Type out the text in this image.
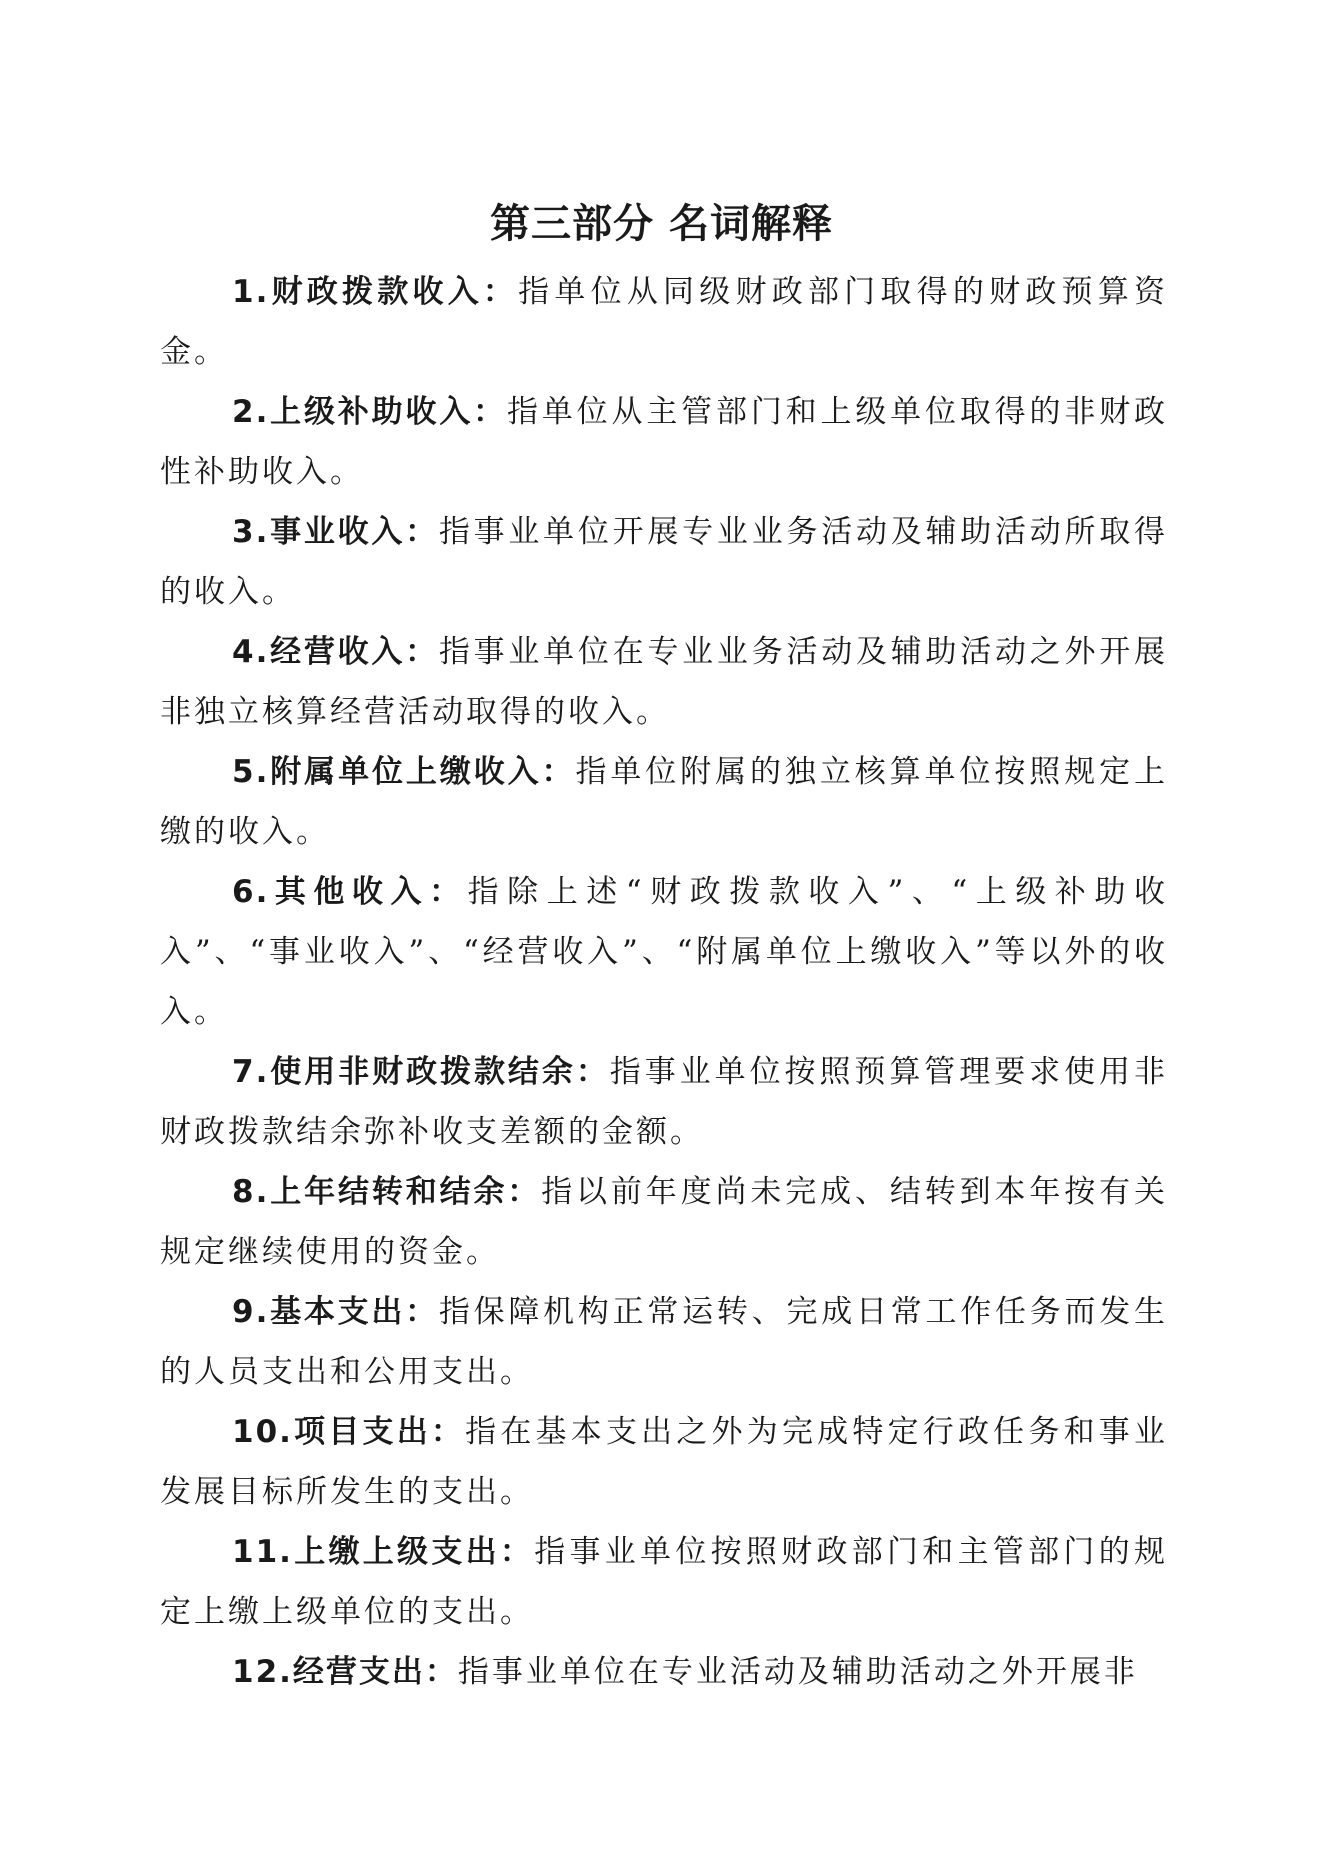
第三部分 名词解释

1.财政拨款收入：指单位从同级财政部门取得的财政预算资金。

2.上级补助收入：指单位从主管部门和上级单位取得的非财政性补助收入。

3.事业收入：指事业单位开展专业业务活动及辅助活动所取得的收入。

4.经营收入：指事业单位在专业业务活动及辅助活动之外开展非独立核算经营活动取得的收入。

5.附属单位上缴收入：指单位附属的独立核算单位按照规定上缴的收入。

6.其他收入：指除上述“财政拨款收入”、“上级补助收入”、“事业收入”、“经营收入”、“附属单位上缴收入”等以外的收入。

7.使用非财政拨款结余：指事业单位按照预算管理要求使用非财政拨款结余弥补收支差额的金额。

8.上年结转和结余：指以前年度尚未完成、结转到本年按有关规定继续使用的资金。

9.基本支出：指保障机构正常运转、完成日常工作任务而发生的人员支出和公用支出。

10.项目支出：指在基本支出之外为完成特定行政任务和事业发展目标所发生的支出。

11.上缴上级支出：指事业单位按照财政部门和主管部门的规定上缴上级单位的支出。

12.经营支出：指事业单位在专业活动及辅助活动之外开展非
